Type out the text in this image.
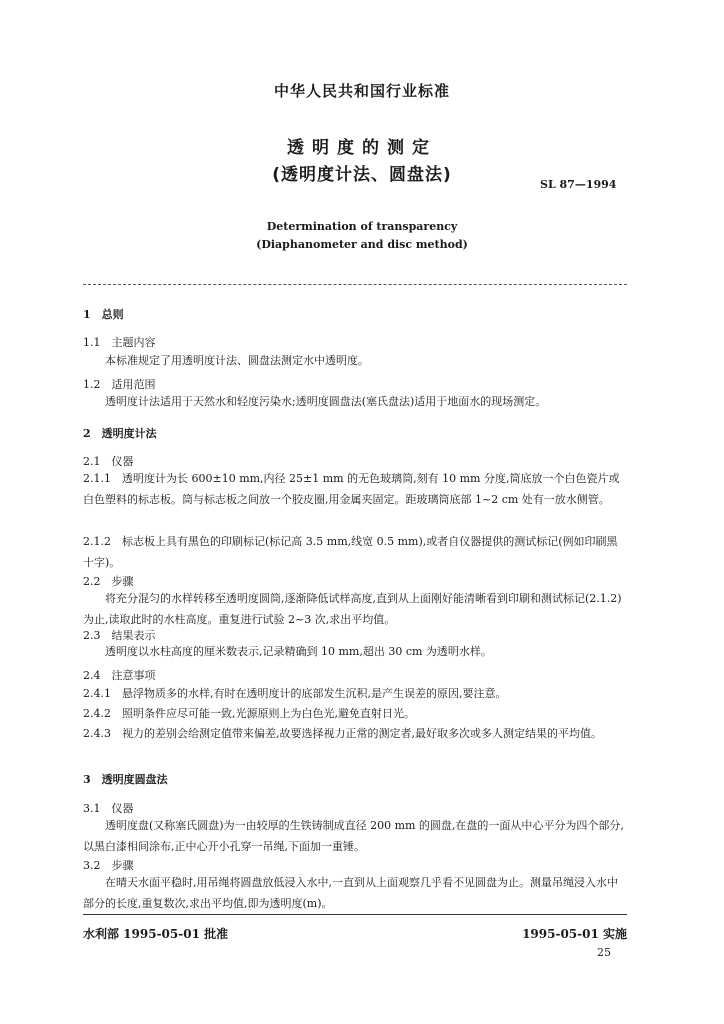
中华人民共和国行业标准
透明度的测定
(透明度计法、圆盘法)	SL 87—1994
Determination of transparency
(Diaphanometer and disc method)
1　总则
1.1　主题内容
本标准规定了用透明度计法、圆盘法测定水中透明度。
1.2　适用范围
透明度计法适用于天然水和轻度污染水;透明度圆盘法(塞氏盘法)适用于地面水的现场测定。
2　透明度计法
2.1　仪器
2.1.1　透明度计为长 600±10 mm,内径 25±1 mm 的无色玻璃筒,刻有 10 mm 分度,筒底放一个白色瓷片或白色塑料的标志板。筒与标志板之间放一个胶皮圈,用金属夹固定。距玻璃筒底部 1~2 cm 处有一放水侧管。
2.1.2　标志板上具有黑色的印刷标记(标记高 3.5 mm,线宽 0.5 mm),或者自仪器提供的测试标记(例如印刷黑十字)。
2.2　步骤
将充分混匀的水样转移至透明度圆筒,逐渐降低试样高度,直到从上面刚好能清晰看到印刷和测试标记(2.1.2)为止,读取此时的水柱高度。重复进行试验 2~3 次,求出平均值。
2.3　结果表示
透明度以水柱高度的厘米数表示,记录精确到 10 mm,超出 30 cm 为透明水样。
2.4　注意事项
2.4.1　悬浮物质多的水样,有时在透明度计的底部发生沉积,是产生误差的原因,要注意。
2.4.2　照明条件应尽可能一致,光源原则上为白色光,避免直射日光。
2.4.3　视力的差别会给测定值带来偏差,故要选择视力正常的测定者,最好取多次或多人测定结果的平均值。
3　透明度圆盘法
3.1　仪器
透明度盘(又称塞氏圆盘)为一由较厚的生铁铸制成直径 200 mm 的圆盘,在盘的一面从中心平分为四个部分,以黑白漆相间涂布,正中心开小孔穿一吊绳,下面加一重锤。
3.2　步骤
在晴天水面平稳时,用吊绳将圆盘放低浸入水中,一直到从上面观察几乎看不见圆盘为止。测量吊绳浸入水中部分的长度,重复数次,求出平均值,即为透明度(m)。
水利部 1995-05-01 批准	1995-05-01 实施
25
